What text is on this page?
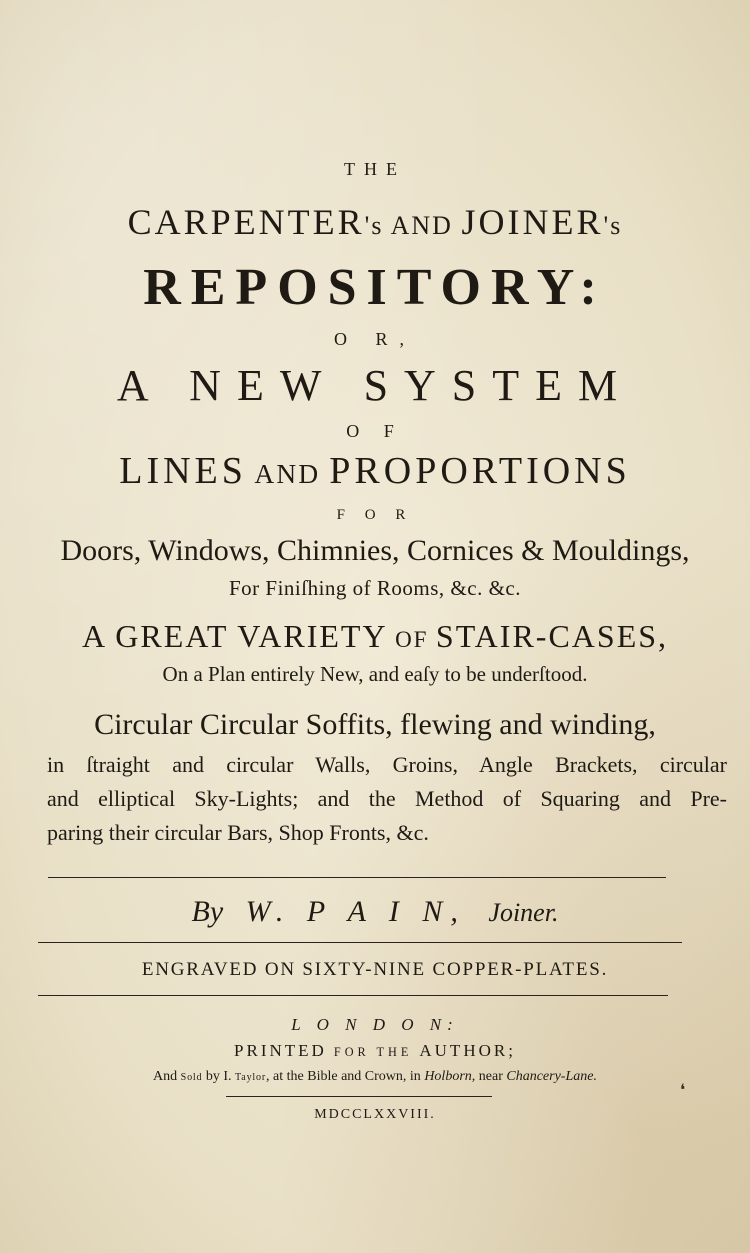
THE
CARPENTER's AND JOINER's
REPOSITORY:
O R,
A NEW SYSTEM
O F
LINES AND PROPORTIONS
F O R
Doors, Windows, Chimnies, Cornices & Mouldings,
For Finiſhing of Rooms, &c. &c.
A GREAT VARIETY OF STAIR-CASES,
On a Plan entirely New, and eaſy to be underſtood.
Circular Circular Soffits, flewing and winding,
in ſtraight and circular Walls, Groins, Angle Brackets, circular
and elliptical Sky-Lights; and the Method of Squaring and Pre-
paring their circular Bars, Shop Fronts, &c.
By W. P A I N, Joiner.
ENGRAVED ON SIXTY-NINE COPPER-PLATES.
L O N D O N:
PRINTED FOR THE AUTHOR;
And Sold by I. Taylor, at the Bible and Crown, in Holborn, near Chancery-Lane.
MDCCLXXVIII.
❛
